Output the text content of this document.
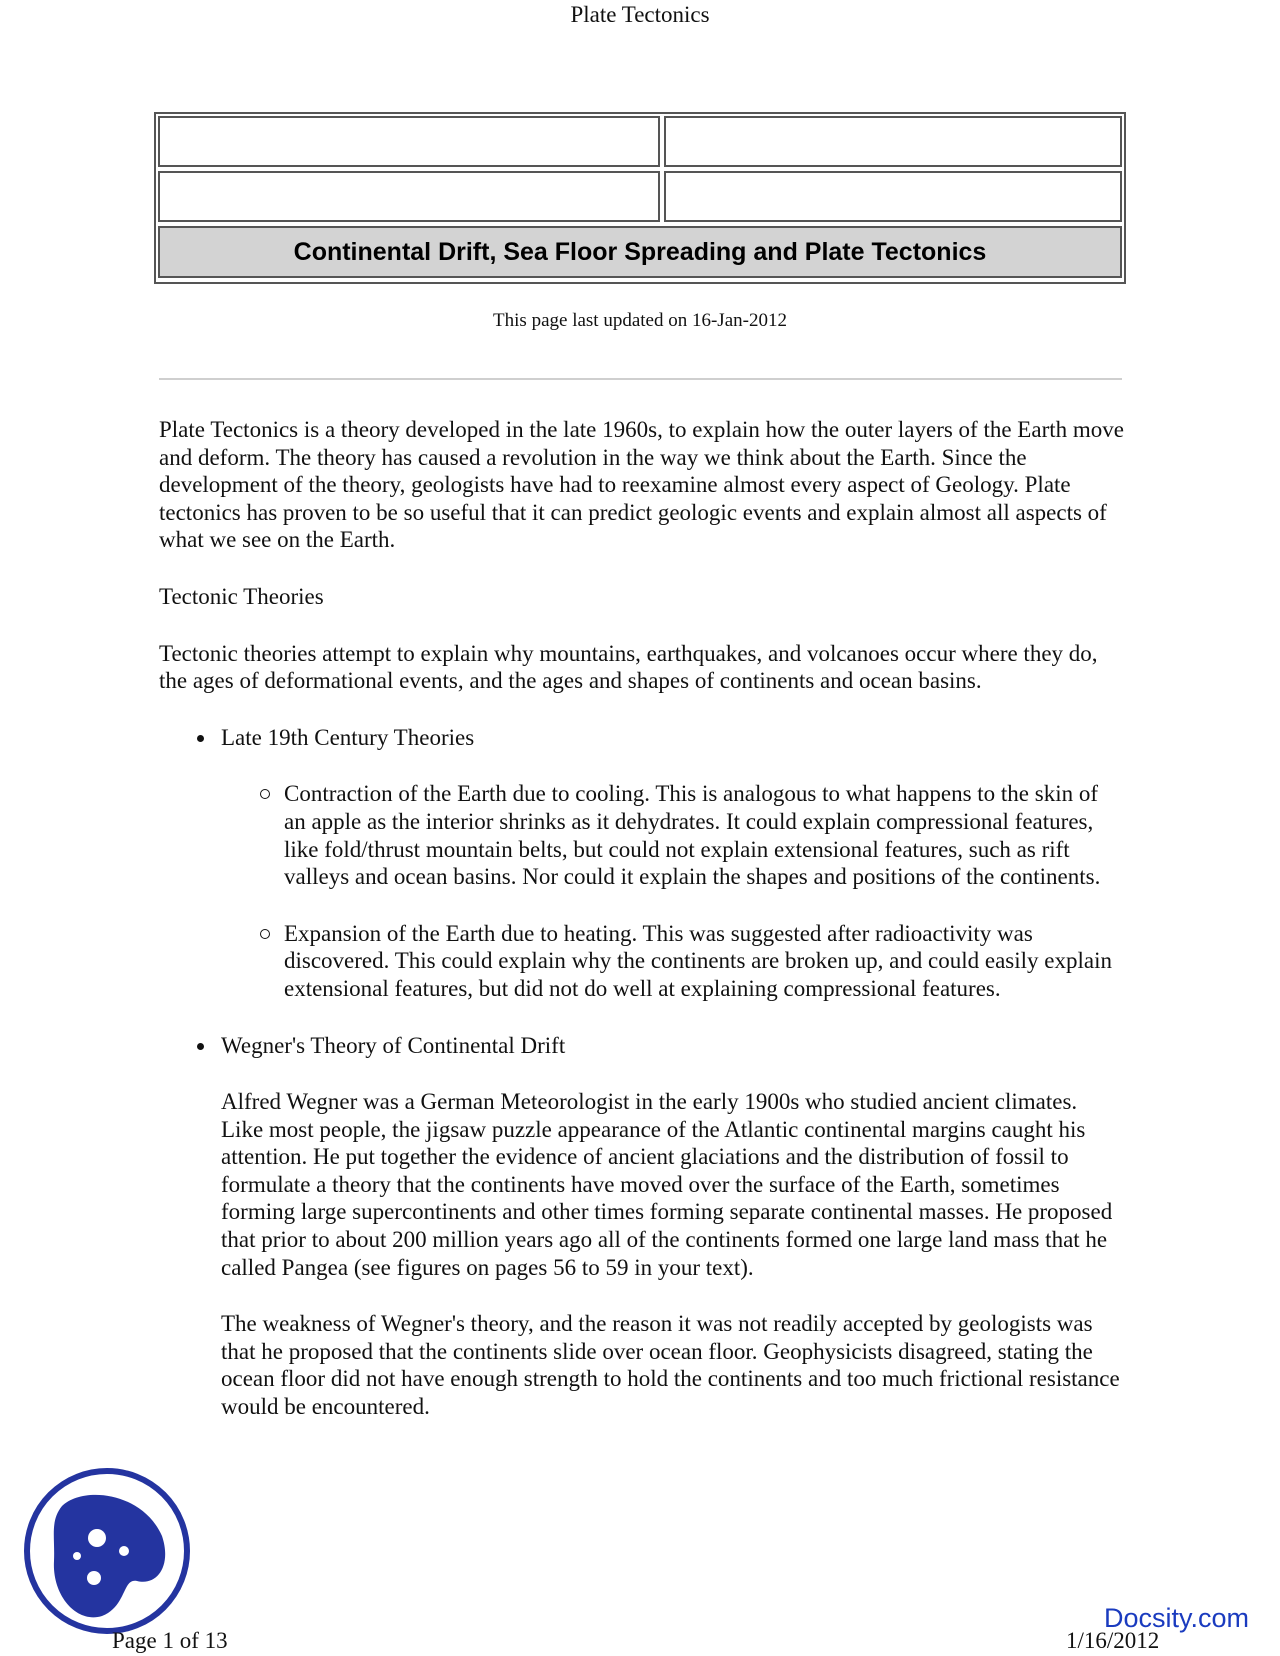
Plate Tectonics
Continental Drift, Sea Floor Spreading and Plate Tectonics
This page last updated on 16-Jan-2012

Plate Tectonics is a theory developed in the late 1960s, to explain how the outer layers of the Earth move and deform. The theory has caused a revolution in the way we think about the Earth. Since the development of the theory, geologists have had to reexamine almost every aspect of Geology. Plate tectonics has proven to be so useful that it can predict geologic events and explain almost all aspects of what we see on the Earth.

Tectonic Theories

Tectonic theories attempt to explain why mountains, earthquakes, and volcanoes occur where they do, the ages of deformational events, and the ages and shapes of continents and ocean basins.

Late 19th Century Theories
Contraction of the Earth due to cooling. This is analogous to what happens to the skin of an apple as the interior shrinks as it dehydrates. It could explain compressional features, like fold/thrust mountain belts, but could not explain extensional features, such as rift valleys and ocean basins. Nor could it explain the shapes and positions of the continents.
Expansion of the Earth due to heating. This was suggested after radioactivity was discovered. This could explain why the continents are broken up, and could easily explain extensional features, but did not do well at explaining compressional features.
Wegner's Theory of Continental Drift

Alfred Wegner was a German Meteorologist in the early 1900s who studied ancient climates. Like most people, the jigsaw puzzle appearance of the Atlantic continental margins caught his attention. He put together the evidence of ancient glaciations and the distribution of fossil to formulate a theory that the continents have moved over the surface of the Earth, sometimes forming large supercontinents and other times forming separate continental masses. He proposed that prior to about 200 million years ago all of the continents formed one large land mass that he called Pangea (see figures on pages 56 to 59 in your text).

The weakness of Wegner's theory, and the reason it was not readily accepted by geologists was that he proposed that the continents slide over ocean floor. Geophysicists disagreed, stating the ocean floor did not have enough strength to hold the continents and too much frictional resistance would be encountered.

Docsity.com
Page 1 of 13	1/16/2012
